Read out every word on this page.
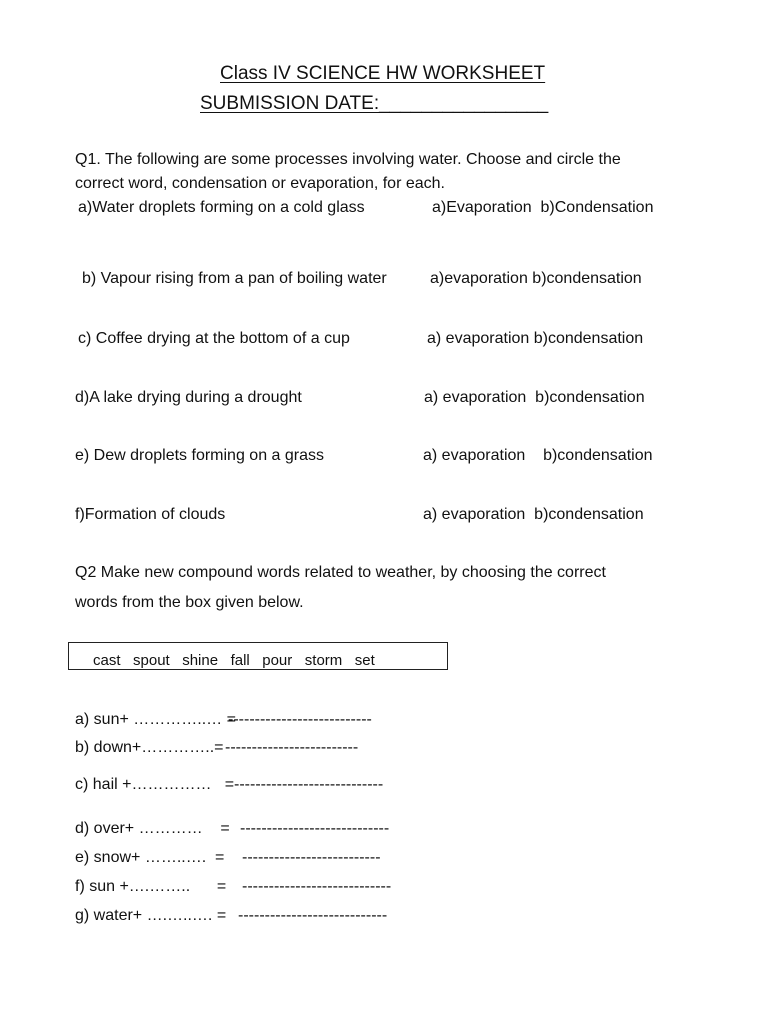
Class IV SCIENCE HW WORKSHEET
SUBMISSION DATE:________________
Q1. The following are some processes involving water. Choose and circle the
correct word, condensation or evaporation, for each.
a)Water droplets forming on a cold glass	a)Evaporation  b)Condensation
b) Vapour rising from a pan of boiling water	a)evaporation b)condensation
c) Coffee drying at the bottom of a cup	a) evaporation b)condensation
d)A lake drying during a drought	a) evaporation  b)condensation
e) Dew droplets forming on a grass	a) evaporation    b)condensation
f)Formation of clouds	a) evaporation  b)condensation
Q2 Make new compound words related to weather, by choosing the correct
words from the box given below.
cast   spout   shine   fall   pour   storm   set
a) sun+ …………..… =
---------------------------
b) down+…………..= -------------------------
c) hail +……………   = ----------------------------
d) over+ …………    = ----------------------------
e) snow+ ……..….  = --------------------------
f) sun +….……..      = ----------------------------
g) water+ ….…..…. = ----------------------------
